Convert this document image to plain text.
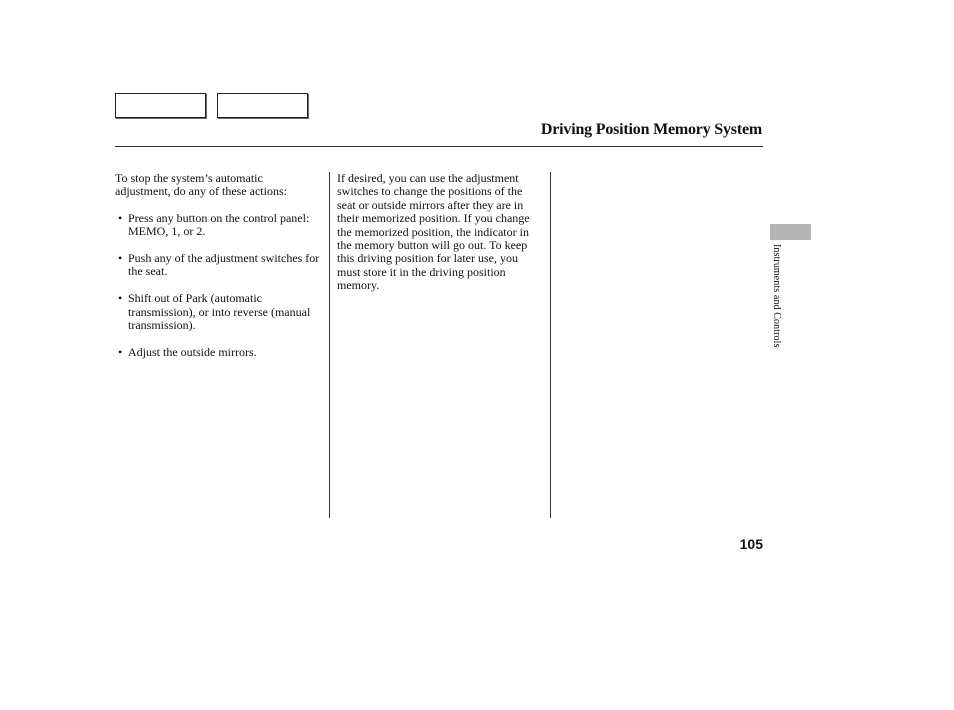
Driving Position Memory System

To stop the system’s automatic adjustment, do any of these actions:

• Press any button on the control panel: MEMO, 1, or 2.
• Push any of the adjustment switches for the seat.
• Shift out of Park (automatic transmission), or into reverse (manual transmission).
• Adjust the outside mirrors.

If desired, you can use the adjustment switches to change the positions of the seat or outside mirrors after they are in their memorized position. If you change the memorized position, the indicator in the memory button will go out. To keep this driving position for later use, you must store it in the driving position memory.	Instruments and Controls
105
